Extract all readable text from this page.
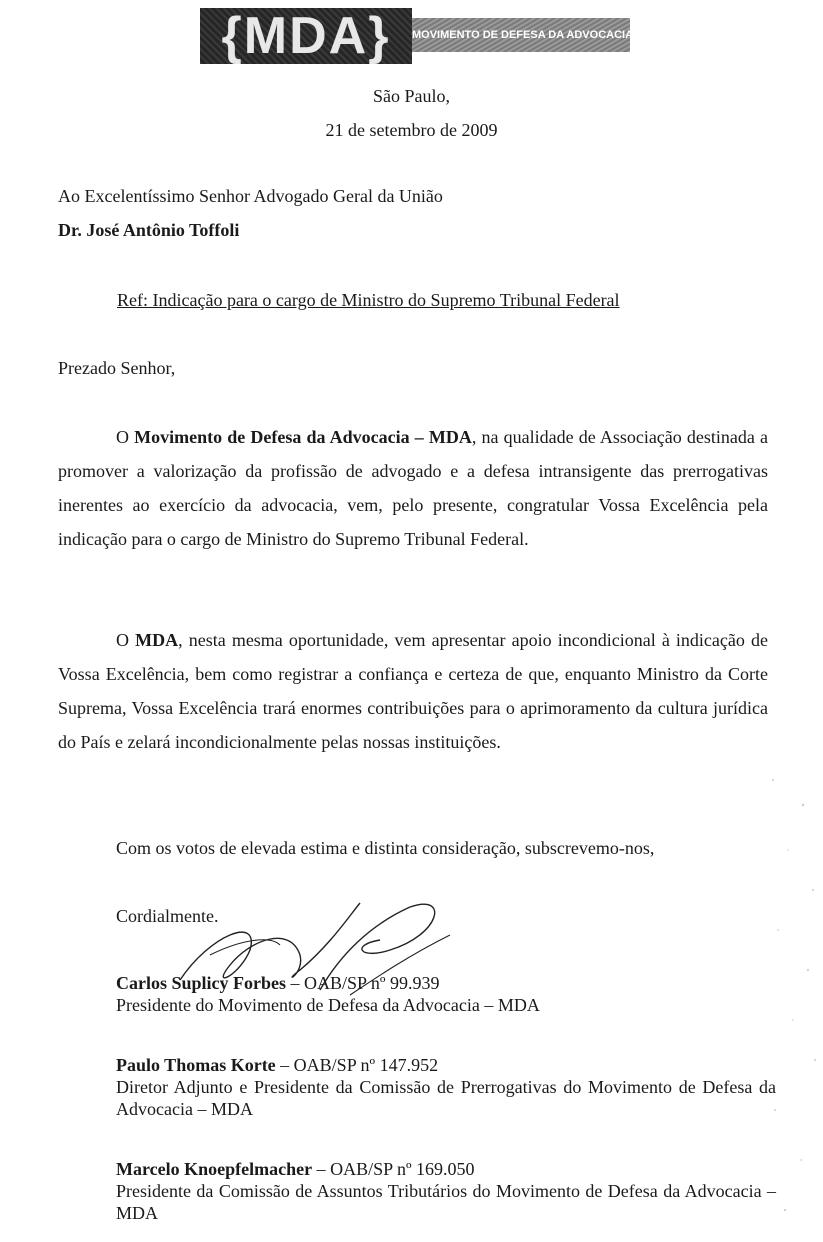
{MDA}	MOVIMENTO DE DEFESA DA ADVOCACIA
São Paulo,
21 de setembro de 2009
Ao Excelentíssimo Senhor Advogado Geral da União
Dr. José Antônio Toffoli
Ref: Indicação para o cargo de Ministro do Supremo Tribunal Federal
Prezado Senhor,
O Movimento de Defesa da Advocacia – MDA, na qualidade de Associação destinada a promover a valorização da profissão de advogado e a defesa intransigente das prerrogativas inerentes ao exercício da advocacia, vem, pelo presente, congratular Vossa Excelência pela indicação para o cargo de Ministro do Supremo Tribunal Federal.
O MDA, nesta mesma oportunidade, vem apresentar apoio incondicional à indicação de Vossa Excelência, bem como registrar a confiança e certeza de que, enquanto Ministro da Corte Suprema, Vossa Excelência trará enormes contribuições para o aprimoramento da cultura jurídica do País e zelará incondicionalmente pelas nossas instituições.
Com os votos de elevada estima e distinta consideração, subscrevemo-nos,
Cordialmente.
Carlos Suplicy Forbes – OAB/SP nº 99.939
Presidente do Movimento de Defesa da Advocacia – MDA
Paulo Thomas Korte – OAB/SP nº 147.952
Diretor Adjunto e Presidente da Comissão de Prerrogativas do Movimento de Defesa da Advocacia – MDA
Marcelo Knoepfelmacher – OAB/SP nº 169.050
Presidente da Comissão de Assuntos Tributários do Movimento de Defesa da Advocacia – MDA
